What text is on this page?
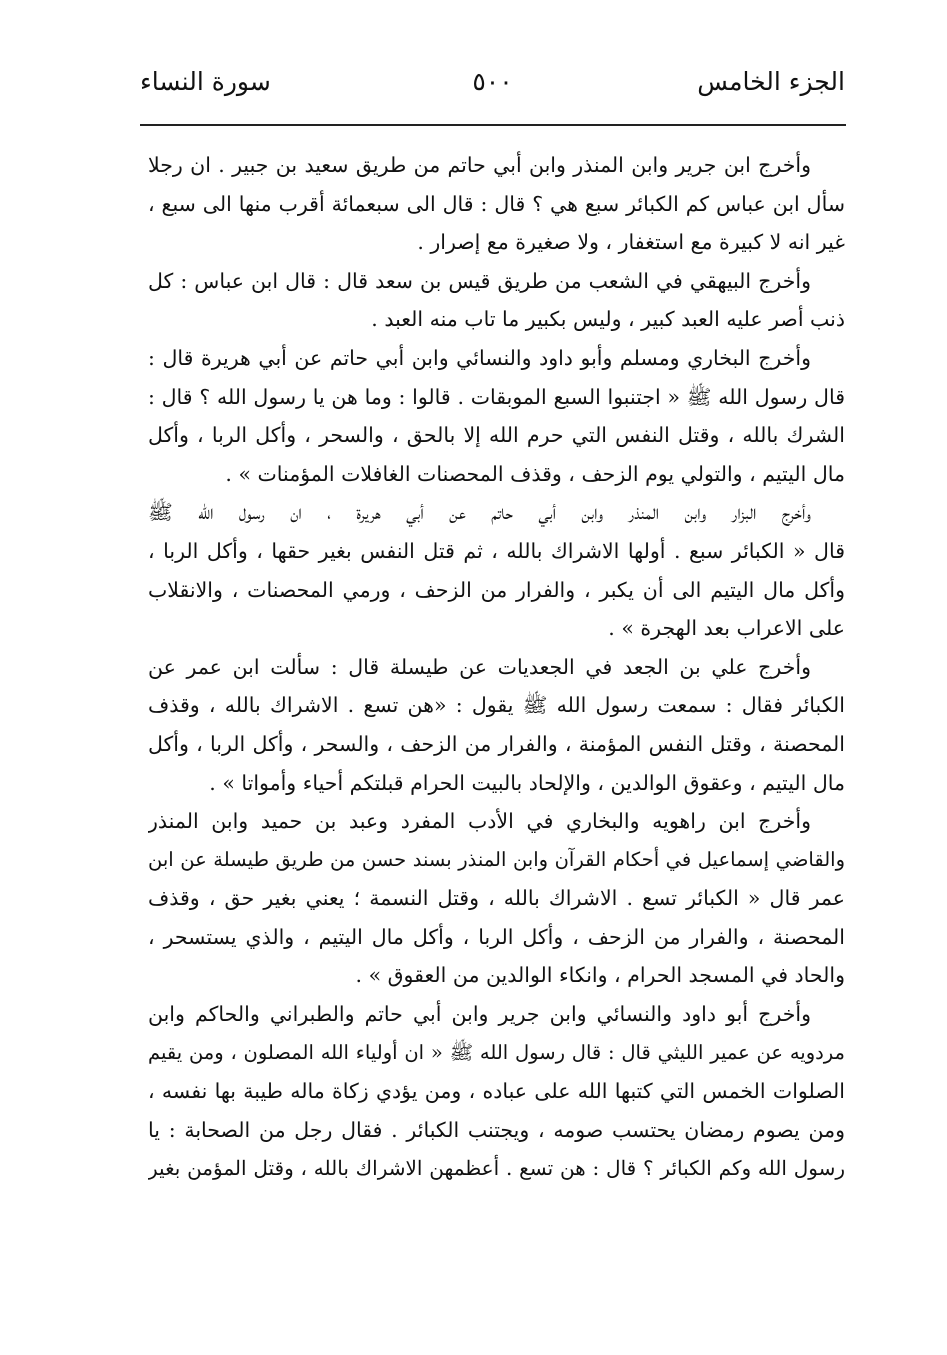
الجزء الخامس
٥٠٠
سورة النساء
وأخرج ابن جرير وابن المنذر وابن أبي حاتم من طريق سعيد بن جبير . ان رجلا
سأل ابن عباس كم الكبائر سبع هي ؟ قال : قال الى سبعمائة أقرب منها الى سبع ،
غير انه لا كبيرة مع استغفار ، ولا صغيرة مع إصرار .
وأخرج البيهقي في الشعب من طريق قيس بن سعد قال : قال ابن عباس : كل
ذنب أصر عليه العبد كبير ، وليس بكبير ما تاب منه العبد .
وأخرج البخاري ومسلم وأبو داود والنسائي وابن أبي حاتم عن أبي هريرة قال :
قال رسول الله ﷺ « اجتنبوا السبع الموبقات . قالوا : وما هن يا رسول الله ؟ قال :
الشرك بالله ، وقتل النفس التي حرم الله إلا بالحق ، والسحر ، وأكل الربا ، وأكل
مال اليتيم ، والتولي يوم الزحف ، وقذف المحصنات الغافلات المؤمنات » .
وأخرج البزار وابن المنذر وابن أبي حاتم عن أبي هريرة ، ان رسول الله ﷺ
قال « الكبائر سبع . أولها الاشراك بالله ، ثم قتل النفس بغير حقها ، وأكل الربا ،
وأكل مال اليتيم الى أن يكبر ، والفرار من الزحف ، ورمي المحصنات ، والانقلاب
على الاعراب بعد الهجرة » .
وأخرج علي بن الجعد في الجعديات عن طيسلة قال : سألت ابن عمر عن
الكبائر فقال : سمعت رسول الله ﷺ يقول : «هن تسع . الاشراك بالله ، وقذف
المحصنة ، وقتل النفس المؤمنة ، والفرار من الزحف ، والسحر ، وأكل الربا ، وأكل
مال اليتيم ، وعقوق الوالدين ، والإلحاد بالبيت الحرام قبلتكم أحياء وأمواتا » .
وأخرج ابن راهويه والبخاري في الأدب المفرد وعبد بن حميد وابن المنذر
والقاضي إسماعيل في أحكام القرآن وابن المنذر بسند حسن من طريق طيسلة عن ابن
عمر قال « الكبائر تسع . الاشراك بالله ، وقتل النسمة ؛ يعني بغير حق ، وقذف
المحصنة ، والفرار من الزحف ، وأكل الربا ، وأكل مال اليتيم ، والذي يستسحر ،
والحاد في المسجد الحرام ، وانكاء الوالدين من العقوق » .
وأخرج أبو داود والنسائي وابن جرير وابن أبي حاتم والطبراني والحاكم وابن
مردويه عن عمير الليثي قال : قال رسول الله ﷺ « ان أولياء الله المصلون ، ومن يقيم
الصلوات الخمس التي كتبها الله على عباده ، ومن يؤدي زكاة ماله طيبة بها نفسه ،
ومن يصوم رمضان يحتسب صومه ، ويجتنب الكبائر . فقال رجل من الصحابة : يا
رسول الله وكم الكبائر ؟ قال : هن تسع . أعظمهن الاشراك بالله ، وقتل المؤمن بغير
